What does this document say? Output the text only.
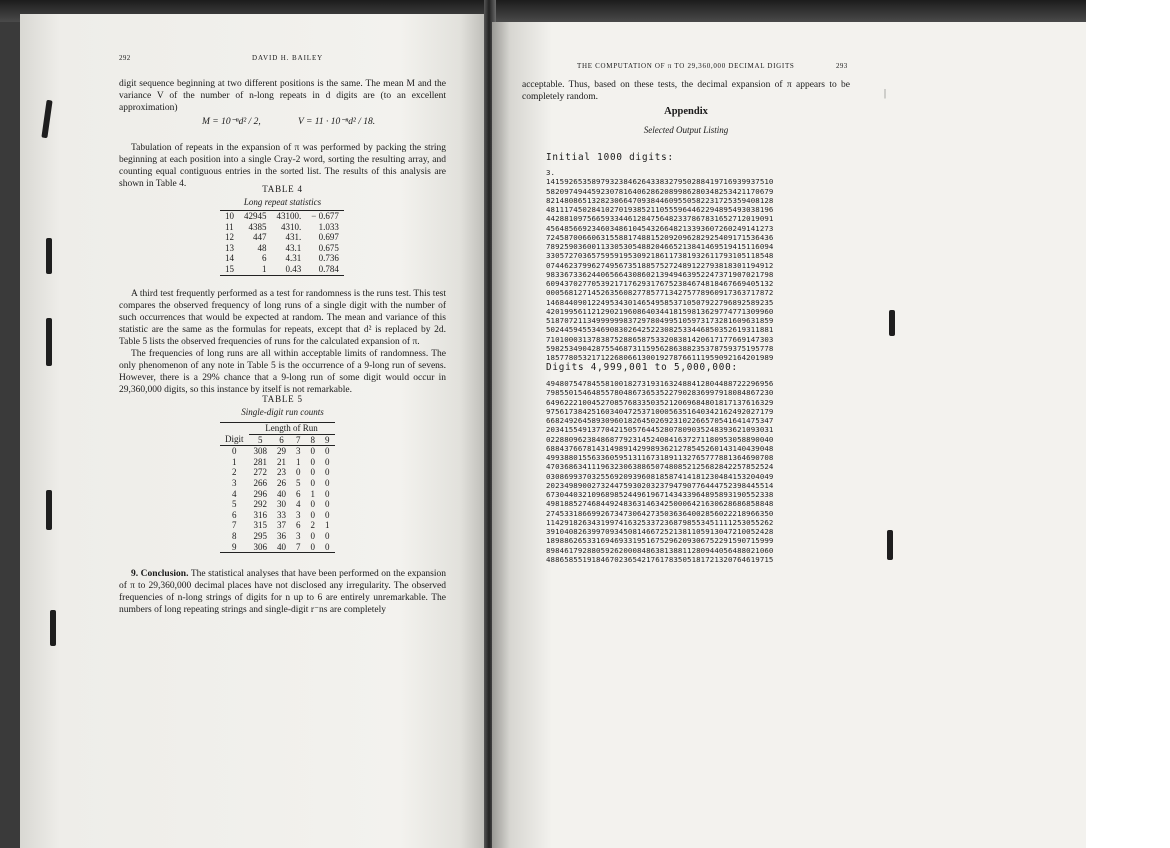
292	DAVID H. BAILEY
digit sequence beginning at two different positions is the same. The mean M and the variance V of the number of n-long repeats in d digits are (to an excellent approximation)
M = 10⁻ⁿd² / 2,	V = 11 · 10⁻ⁿd² / 18.
Tabulation of repeats in the expansion of π was performed by packing the string beginning at each position into a single Cray-2 word, sorting the resulting array, and counting equal contiguous entries in the sorted list. The results of this analysis are shown in Table 4.	TABLE 4
Long repeat statistics
10	42945	43100.	− 0.677
11	4385	4310.	1.033
12	447	431.	0.697
13	48	43.1	0.675
14	6	4.31	0.736
15	1	0.43	0.784
A third test frequently performed as a test for randomness is the runs test. This test compares the observed frequency of long runs of a single digit with the number of such occurrences that would be expected at random. The mean and variance of this statistic are the same as the formulas for repeats, except that d² is replaced by 2d. Table 5 lists the observed frequencies of runs for the calculated expansion of π.
The frequencies of long runs are all within acceptable limits of randomness. The only phenomenon of any note in Table 5 is the occurrence of a 9-long run of sevens. However, there is a 29% chance that a 9-long run of some digit would occur in 29,360,000 digits, so this instance by itself is not remarkable.
TABLE 5
Single-digit run counts
	Length of Run				
Digit	5	6	7	8	9
0	308	29	3	0	0
1	281	21	1	0	0
2	272	23	0	0	0
3	266	26	5	0	0
4	296	40	6	1	0
5	292	30	4	0	0
6	316	33	3	0	0
7	315	37	6	2	1
8	295	36	3	0	0
9	306	40	7	0	0
9. Conclusion. The statistical analyses that have been performed on the expansion of π to 29,360,000 decimal places have not disclosed any irregularity. The observed frequencies of n-long strings of digits for n up to 6 are entirely unremarkable. The numbers of long repeating strings and single-digit r⁻ns are completely
THE COMPUTATION OF π TO 29,360,000 DECIMAL DIGITS	293
acceptable. Thus, based on these tests, the decimal expansion of π appears to be completely random.
Appendix
Selected Output Listing
Initial 1000 digits:
3.
14159265358979323846264338327950288419716939937510
58209749445923078164062862089986280348253421170679
82148086513282306647093844609550582231725359408128
48111745028410270193852110555964462294895493038196
44288109756659334461284756482337867831652712019091
45648566923460348610454326648213393607260249141273
72458700660631558817488152092096282925409171536436
78925903600113305305488204665213841469519415116094
33057270365759591953092186117381932611793105118548
07446237996274956735188575272489122793818301194912
98336733624406566430860213949463952247371907021798
60943702770539217176293176752384674818467669405132
00056812714526356082778577134275778960917363717872
14684409012249534301465495853710507922796892589235
42019956112129021960864034418159813629774771309960
51870721134999999837297804995105973173281609631859
50244594553469083026425223082533446850352619311881
71010003137838752886587533208381420617177669147303
59825349042875546873115956286388235378759375195778
18577805321712268066130019278766111959092164201989
Digits 4,999,001 to 5,000,000:
49480754784558100182731931632488412804488722296956
79855015464855780486736535227902836997918084867230
64962221004527085768335035212069684801817137616329
97561738425160340472537100056351640342162492027179
66824926458930960182645026923102266570541641475347
20341554913770421505764452807809035248393621093031
02288096238486877923145240841637271180953058890040
68843766781431498914299893621278545260143140439048
49938801556336059513116731891132765777881364690708
47036863411196323063886507480852125682842257852524
03086993703255692093960818587414181230484153204049
20234989002732447593020323794790776444752398445514
67304403210968985244961967143433964895893190552338
49818852746844924836314634250006421630628686858848
27453318669926734730642735036364002856022218966350
11429182634319974163253372368798553451111253055262
39104082639970934508146672521381105913047210052428
18988626533169469331951675296209306752291590715999
89846179288059262000848638138811280944056488021060
48865855191846702365421761783505181721320764619715
|
